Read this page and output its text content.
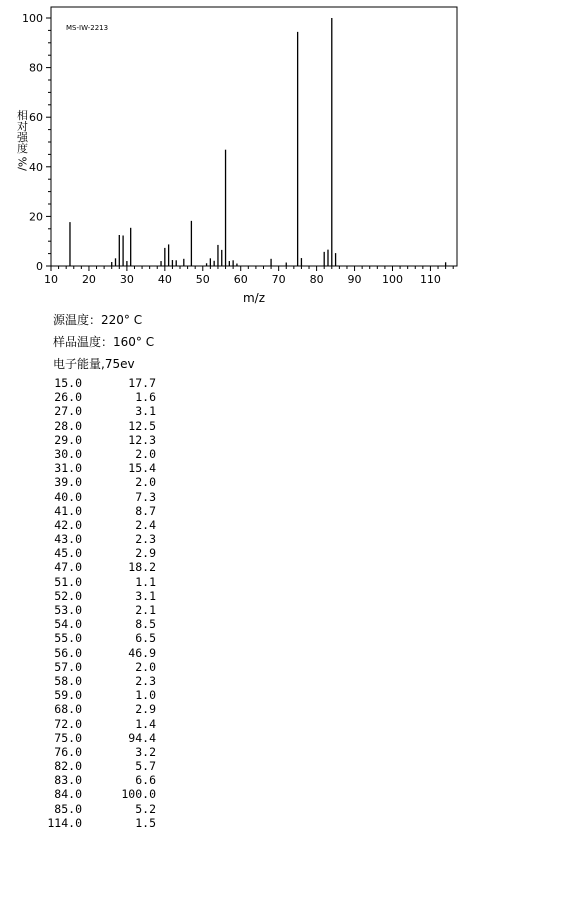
MS-IW-2213
相对强度 %/
m/z
0
20
40
60
80
100
10 20 30 40 50 60 70 80 90 100 110
源温度：220° C
样品温度：160° C
电子能量,75ev
15.0	17.7
26.0	1.6
27.0	3.1
28.0	12.5
29.0	12.3
30.0	2.0
31.0	15.4
39.0	2.0
40.0	7.3
41.0	8.7
42.0	2.4
43.0	2.3
45.0	2.9
47.0	18.2
51.0	1.1
52.0	3.1
53.0	2.1
54.0	8.5
55.0	6.5
56.0	46.9
57.0	2.0
58.0	2.3
59.0	1.0
68.0	2.9
72.0	1.4
75.0	94.4
76.0	3.2
82.0	5.7
83.0	6.6
84.0	100.0
85.0	5.2
114.0	1.5
